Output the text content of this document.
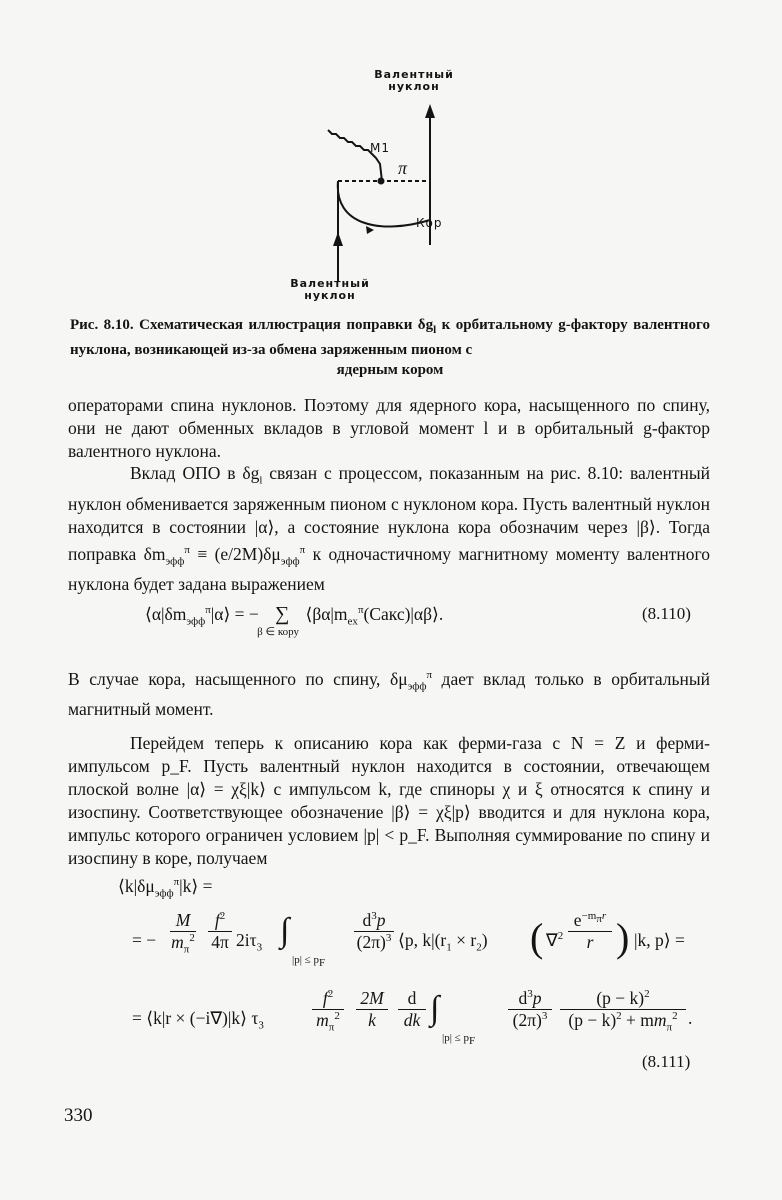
Валентный
нуклон
Валентный
нуклон
M1
π
Кор
Рис. 8.10. Схематическая иллюстрация поправки $\delta g_l$ к орбитальному g-фактору валентного нуклона, возникающей из-за обмена заряженным пионом с
ядерным кором
операторами спина нуклонов. Поэтому для ядерного кора, насыщенного по спину, они не дают обменных вкладов в угловой момент l и в орбитальный g-фактор валентного нуклона.
Вклад ОПО в $\delta g_l$ связан с процессом, показанным на рис. 8.10: валентный нуклон обменивается заряженным пионом с нуклоном кора. Пусть валентный нуклон находится в состоянии |α⟩, а состояние нуклона кора обозначим через |β⟩. Тогда поправка $\delta m_{эфф}^\pi \equiv (e/2M)\delta\mu_{эфф}^\pi$ к одночастичному магнитному моменту валентного нуклона будет задана выражением
$⟨\alpha|\delta m_{эфф}^\pi|\alpha⟩$ = − ∑
β ∈ кору
$⟨\beta\alpha|m_{ex}^\pi(Сакс)|\alpha\beta⟩$.	(8.110)
В случае кора, насыщенного по спину, $\delta\mu_{эфф}^\pi$ дает вклад только в орбитальный магнитный момент.
Перейдем теперь к описанию кора как ферми-газа с N = Z и ферми-импульсом p_F. Пусть валентный нуклон находится в состоянии, отвечающем плоской волне |α⟩ = χξ|k⟩ с импульсом k, где спиноры χ и ξ относятся к спину и изоспину. Соответствующее обозначение |β⟩ = χξ|p⟩ вводится и для нуклона кора, импульс которого ограничен условием |p| < p_F. Выполняя суммирование по спину и изоспину в коре, получаем
$⟨k|\delta\mu_{эфф}^\pi|k⟩$ =
= −
M
$m_\pi^2$
$f^2$
4π $2i\tau_3$ ∫
$|p| \le p_F$
$d^3p$
$(2\pi)^3$ ⟨p, $k|(r_1 \times r_2)$ ( ∇$^2$
$e^{-m_\pi r}$
r ) |k, p⟩ =
= ⟨k|r × (−i∇)|k⟩ $\tau_3$
$f^2$
$m_\pi^2$
2M
k
d
dk ∫
$|p| \le p_F$
$d^3p$
$(2\pi)^3$
$(p - k)^2$
$(p - k)^2 + mm_\pi^2$ .
(8.111)
330
